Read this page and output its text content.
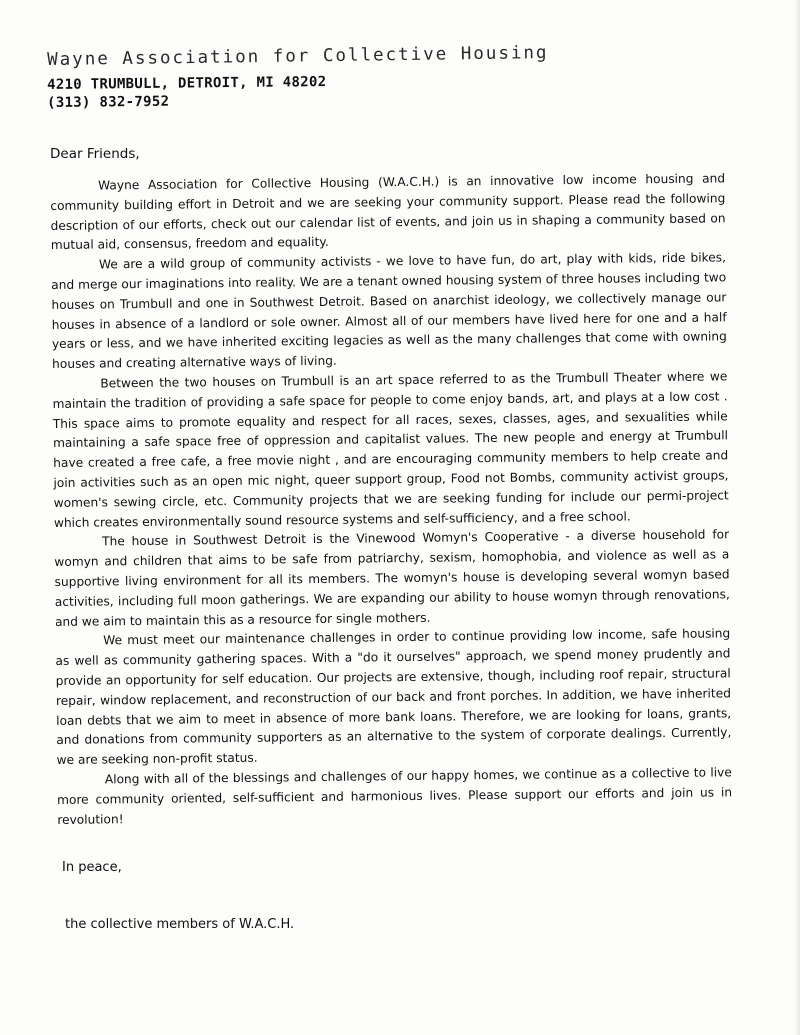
Wayne Association for Collective Housing
4210 TRUMBULL, DETROIT, MI 48202
(313) 832-7952
Dear Friends,

Wayne Association for Collective Housing (W.A.C.H.) is an innovative low income housing and community building effort in Detroit and we are seeking your community support. Please read the following description of our efforts, check out our calendar list of events, and join us in shaping a community based on mutual aid, consensus, freedom and equality.

We are a wild group of community activists - we love to have fun, do art, play with kids, ride bikes, and merge our imaginations into reality. We are a tenant owned housing system of three houses including two houses on Trumbull and one in Southwest Detroit. Based on anarchist ideology, we collectively manage our houses in absence of a landlord or sole owner. Almost all of our members have lived here for one and a half years or less, and we have inherited exciting legacies as well as the many challenges that come with owning houses and creating alternative ways of living.

Between the two houses on Trumbull is an art space referred to as the Trumbull Theater where we maintain the tradition of providing a safe space for people to come enjoy bands, art, and plays at a low cost . This space aims to promote equality and respect for all races, sexes, classes, ages, and sexualities while maintaining a safe space free of oppression and capitalist values. The new people and energy at Trumbull have created a free cafe, a free movie night , and are encouraging community members to help create and join activities such as an open mic night, queer support group, Food not Bombs, community activist groups, women's sewing circle, etc. Community projects that we are seeking funding for include our permi-project which creates environmentally sound resource systems and self-sufficiency, and a free school.

The house in Southwest Detroit is the Vinewood Womyn's Cooperative - a diverse household for womyn and children that aims to be safe from patriarchy, sexism, homophobia, and violence as well as a supportive living environment for all its members. The womyn's house is developing several womyn based activities, including full moon gatherings. We are expanding our ability to house womyn through renovations, and we aim to maintain this as a resource for single mothers.

We must meet our maintenance challenges in order to continue providing low income, safe housing as well as community gathering spaces. With a "do it ourselves" approach, we spend money prudently and provide an opportunity for self education. Our projects are extensive, though, including roof repair, structural repair, window replacement, and reconstruction of our back and front porches. In addition, we have inherited loan debts that we aim to meet in absence of more bank loans. Therefore, we are looking for loans, grants, and donations from community supporters as an alternative to the system of corporate dealings. Currently, we are seeking non-profit status.

Along with all of the blessings and challenges of our happy homes, we continue as a collective to live more community oriented, self-sufficient and harmonious lives. Please support our efforts and join us in revolution!

In peace,
the collective members of W.A.C.H.
